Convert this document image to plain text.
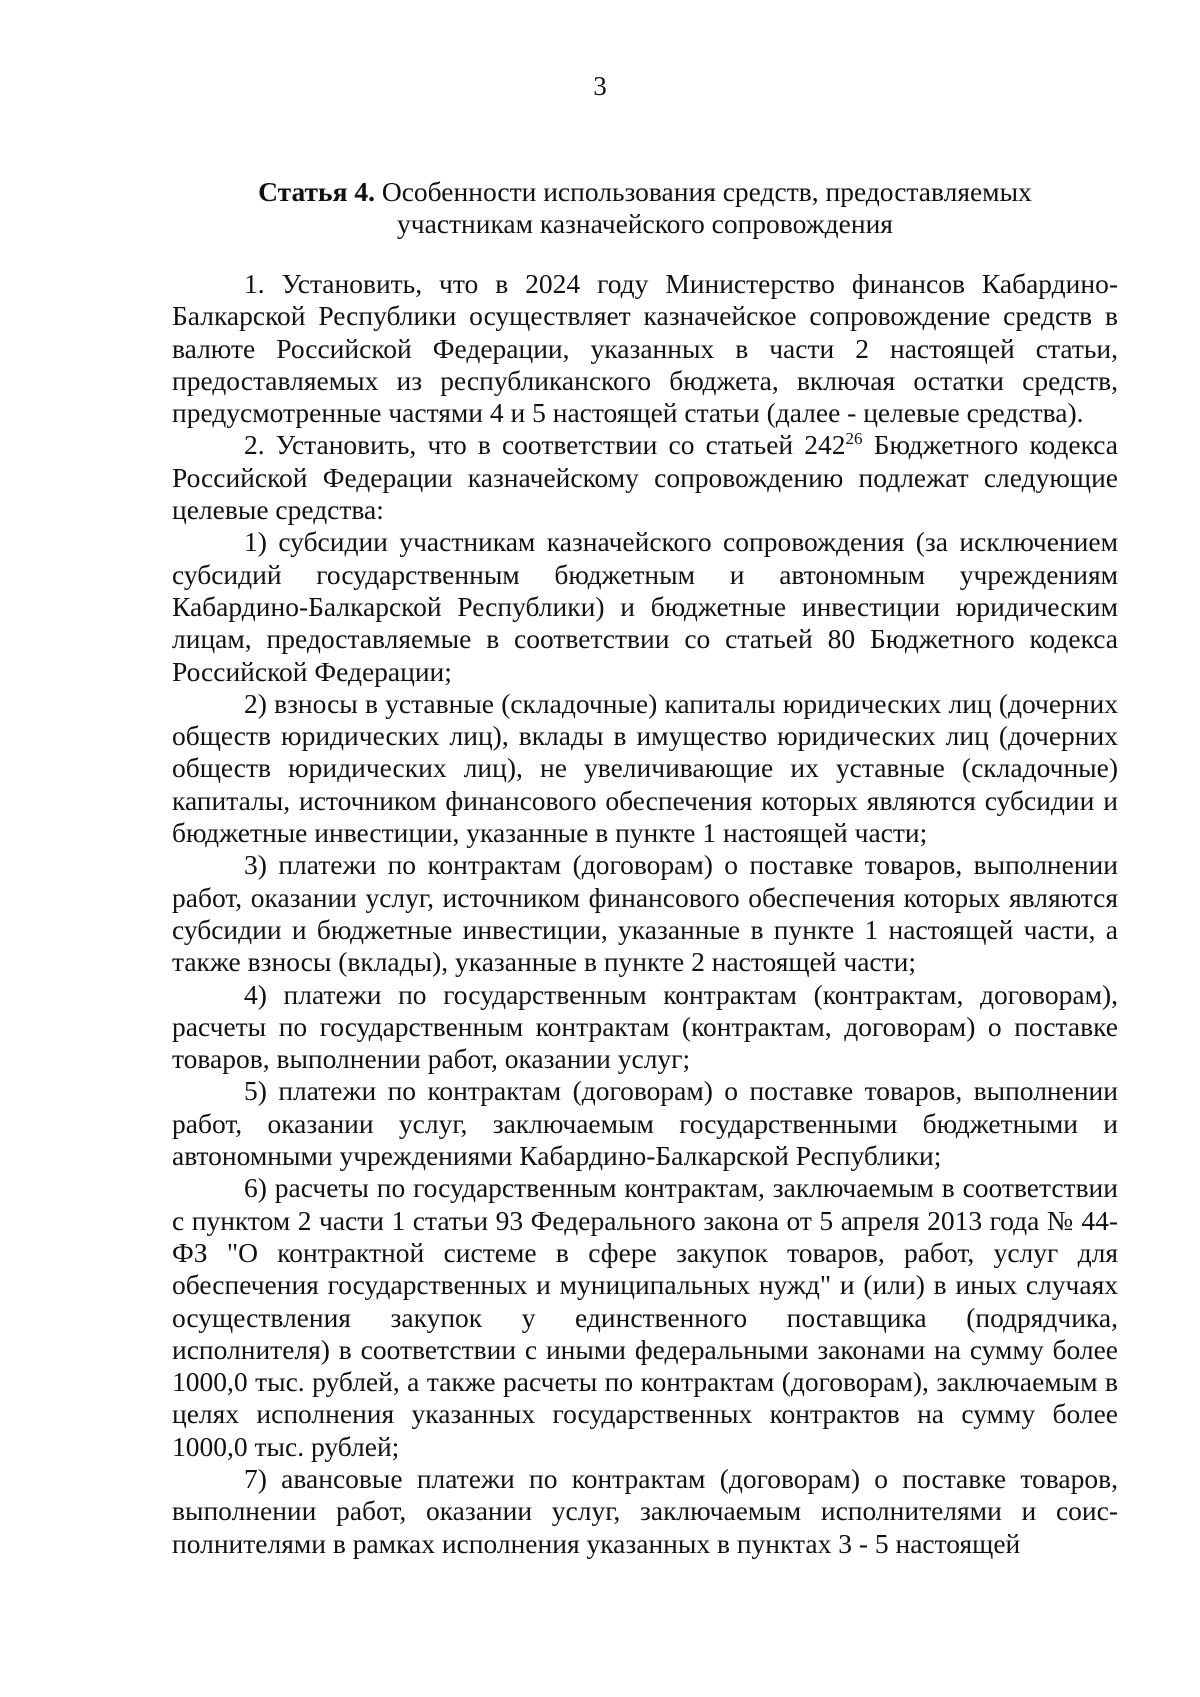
3
Статья 4. Особенности использования средств, предоставляемых
участникам казначейского сопровождения

1. Установить, что в 2024 году Министерство финансов Кабардино-Балкарской Республики осуществляет казначейское сопровождение средств в валюте Российской Федерации, указанных в части 2 настоящей статьи, предоставляемых из республиканского бюджета, включая остатки средств, предусмотренные частями 4 и 5 настоящей статьи (далее - целевые средства).

2. Установить, что в соответствии со статьей $242^{26}$ Бюджетного кодекса Российской Федерации казначейскому сопровождению подлежат следующие целевые средства:

1) субсидии участникам казначейского сопровождения (за исключением субсидий государственным бюджетным и автономным учреждениям Кабардино-Балкарской Республики) и бюджетные инвестиции юридическим лицам, предоставляемые в соответствии со статьей 80 Бюджетного кодекса Российской Федерации;

2) взносы в уставные (складочные) капиталы юридических лиц (дочерних обществ юридических лиц), вклады в имущество юридических лиц (дочерних обществ юридических лиц), не увеличивающие их уставные (складочные) капиталы, источником финансового обеспечения которых являются субсидии и бюджетные инвестиции, указанные в пункте 1 настоящей части;

3) платежи по контрактам (договорам) о поставке товаров, выполнении работ, оказании услуг, источником финансового обеспечения которых являются субсидии и бюджетные инвестиции, указанные в пункте 1 настоящей части, а также взносы (вклады), указанные в пункте 2 настоящей части;

4) платежи по государственным контрактам (контрактам, договорам), расчеты по государственным контрактам (контрактам, договорам) о поставке товаров, выполнении работ, оказании услуг;

5) платежи по контрактам (договорам) о поставке товаров, выполнении работ, оказании услуг, заключаемым государственными бюджетными и автономными учреждениями Кабардино-Балкарской Республики;

6) расчеты по государственным контрактам, заключаемым в соответствии с пунктом 2 части 1 статьи 93 Федерального закона от 5 апреля 2013 года № 44-ФЗ "О контрактной системе в сфере закупок товаров, работ, услуг для обеспечения государственных и муниципальных нужд" и (или) в иных случаях осуществления закупок у единственного поставщика (подрядчика, исполнителя) в соответствии с иными федеральными законами на сумму более 1000,0 тыс. рублей, а также расчеты по контрактам (договорам), заключаемым в целях исполнения указанных государственных контрактов на сумму более 1000,0 тыс. рублей;

7) авансовые платежи по контрактам (договорам) о поставке товаров, выполнении работ, оказании услуг, заключаемым исполнителями и соисполнителями в рамках исполнения указанных в пунктах 3 - 5 настоящей
